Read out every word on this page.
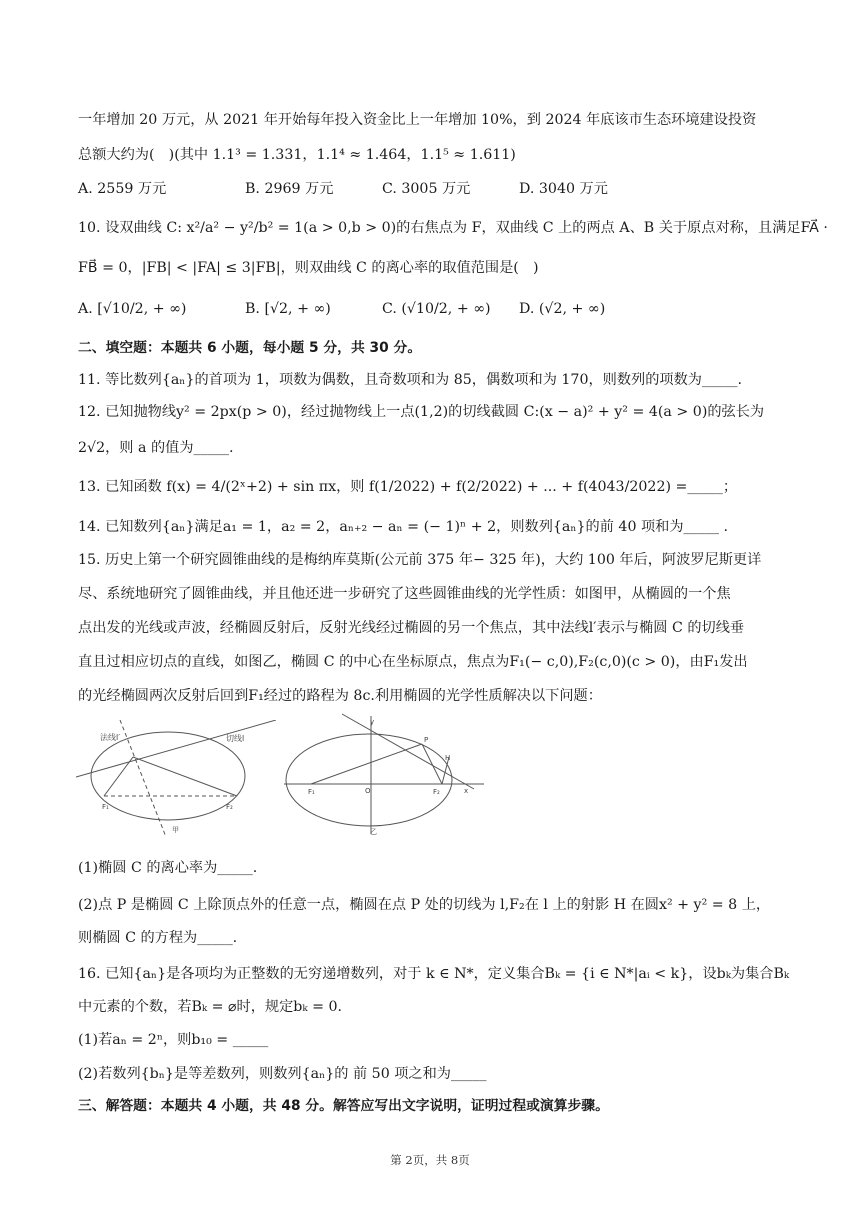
一年增加 20 万元，从 2021 年开始每年投入资金比上一年增加 10%，到 2024 年底该市生态环境建设投资
总额大约为(　)(其中 1.1³ = 1.331，1.1⁴ ≈ 1.464，1.1⁵ ≈ 1.611)
A. 2559 万元	B. 2969 万元	C. 3005 万元	D. 3040 万元
10. 设双曲线 C: x²/a² − y²/b² = 1(a > 0,b > 0)的右焦点为 F，双曲线 C 上的两点 A、B 关于原点对称，且满足FA⃗ ·
FB⃗ = 0，|FB| < |FA| ≤ 3|FB|，则双曲线 C 的离心率的取值范围是(　)
A. [√10/2, + ∞)	B. [√2, + ∞)	C. (√10/2, + ∞) D. (√2, + ∞)
二、填空题：本题共 6 小题，每小题 5 分，共 30 分。
11. 等比数列{aₙ}的首项为 1，项数为偶数，且奇数项和为 85，偶数项和为 170，则数列的项数为_____.
12. 已知抛物线y² = 2px(p > 0)，经过抛物线上一点(1,2)的切线截圆 C:(x − a)² + y² = 4(a > 0)的弦长为
2√2，则 a 的值为_____.
13. 已知函数 f(x) = 4/(2ˣ+2) + sin πx，则 f(1/2022) + f(2/2022) + ... + f(4043/2022) =_____；
14. 已知数列{aₙ}满足a₁ = 1，a₂ = 2，aₙ₊₂ − aₙ = (− 1)ⁿ + 2，则数列{aₙ}的前 40 项和为_____ .
15. 历史上第一个研究圆锥曲线的是梅纳库莫斯(公元前 375 年− 325 年)，大约 100 年后，阿波罗尼斯更详
尽、系统地研究了圆锥曲线，并且他还进一步研究了这些圆锥曲线的光学性质：如图甲，从椭圆的一个焦
点出发的光线或声波，经椭圆反射后，反射光线经过椭圆的另一个焦点，其中法线l′表示与椭圆 C 的切线垂
直且过相应切点的直线，如图乙，椭圆 C 的中心在坐标原点，焦点为F₁(− c,0),F₂(c,0)(c > 0)，由F₁发出
的光经椭圆两次反射后回到F₁经过的路程为 8c.利用椭圆的光学性质解决以下问题：
法线l′	切线l
F₁	F₂
甲
y
x
O
P
H
F₁	F₂
乙
(1)椭圆 C 的离心率为_____.
(2)点 P 是椭圆 C 上除顶点外的任意一点，椭圆在点 P 处的切线为 l,F₂在 l 上的射影 H 在圆x² + y² = 8 上，
则椭圆 C 的方程为_____.
16. 已知{aₙ}是各项均为正整数的无穷递增数列，对于 k ∈ N*，定义集合Bₖ = {i ∈ N*|aᵢ < k}，设bₖ为集合Bₖ
中元素的个数，若Bₖ = ⌀时，规定bₖ = 0.
(1)若aₙ = 2ⁿ，则b₁₀ = _____
(2)若数列{bₙ}是等差数列，则数列{aₙ}的 前 50 项之和为_____
三、解答题：本题共 4 小题，共 48 分。解答应写出文字说明，证明过程或演算步骤。
第 2页，共 8页
